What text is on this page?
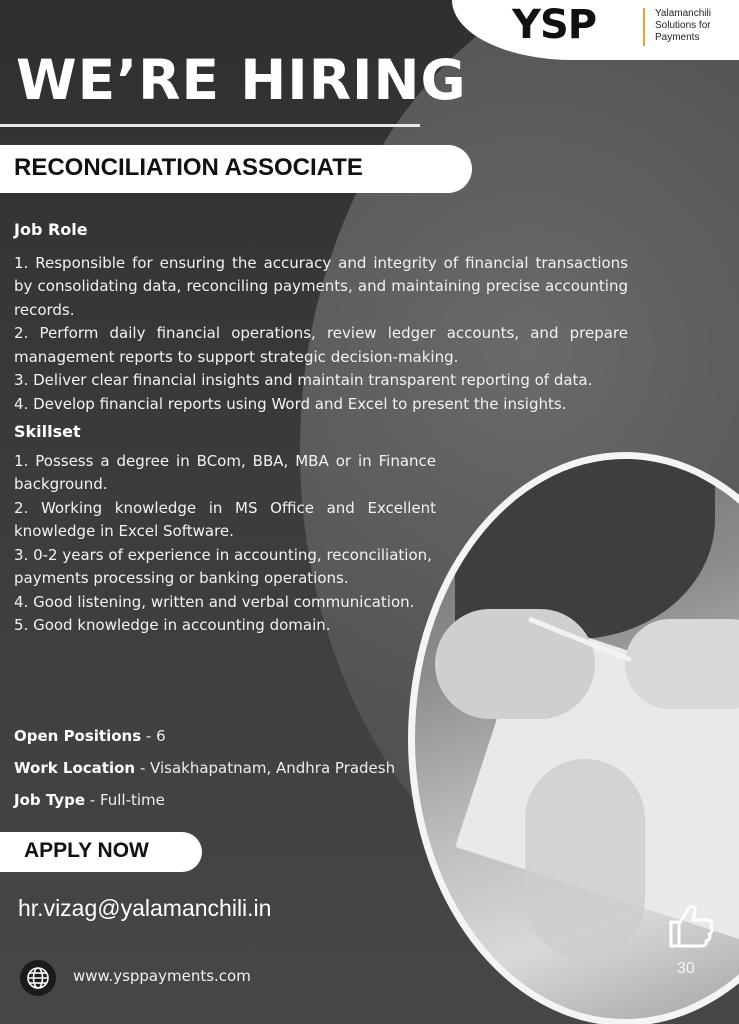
YSP	Yalamanchili
Solutions for
Payments
WE’RE HIRING
RECONCILIATION ASSOCIATE
Job Role

1. Responsible for ensuring the accuracy and integrity of financial transactions by consolidating data, reconciling payments, and maintaining precise accounting records.

2. Perform daily financial operations, review ledger accounts, and prepare management reports to support strategic decision-making.

3. Deliver clear financial insights and maintain transparent reporting of data.

4. Develop financial reports using Word and Excel to present the insights.

Skillset

1. Possess a degree in BCom, BBA, MBA or in Finance background.

2. Working knowledge in MS Office and Excellent knowledge in Excel Software.

3. 0-2 years of experience in accounting, reconciliation, payments processing or banking operations.

4. Good listening, written and verbal communication.

5. Good knowledge in accounting domain.

Open Positions - 6
Work Location - Visakhapatnam, Andhra Pradesh
Job Type - Full-time
APPLY NOW
hr.vizag@yalamanchili.in
www.ysppayments.com	30
